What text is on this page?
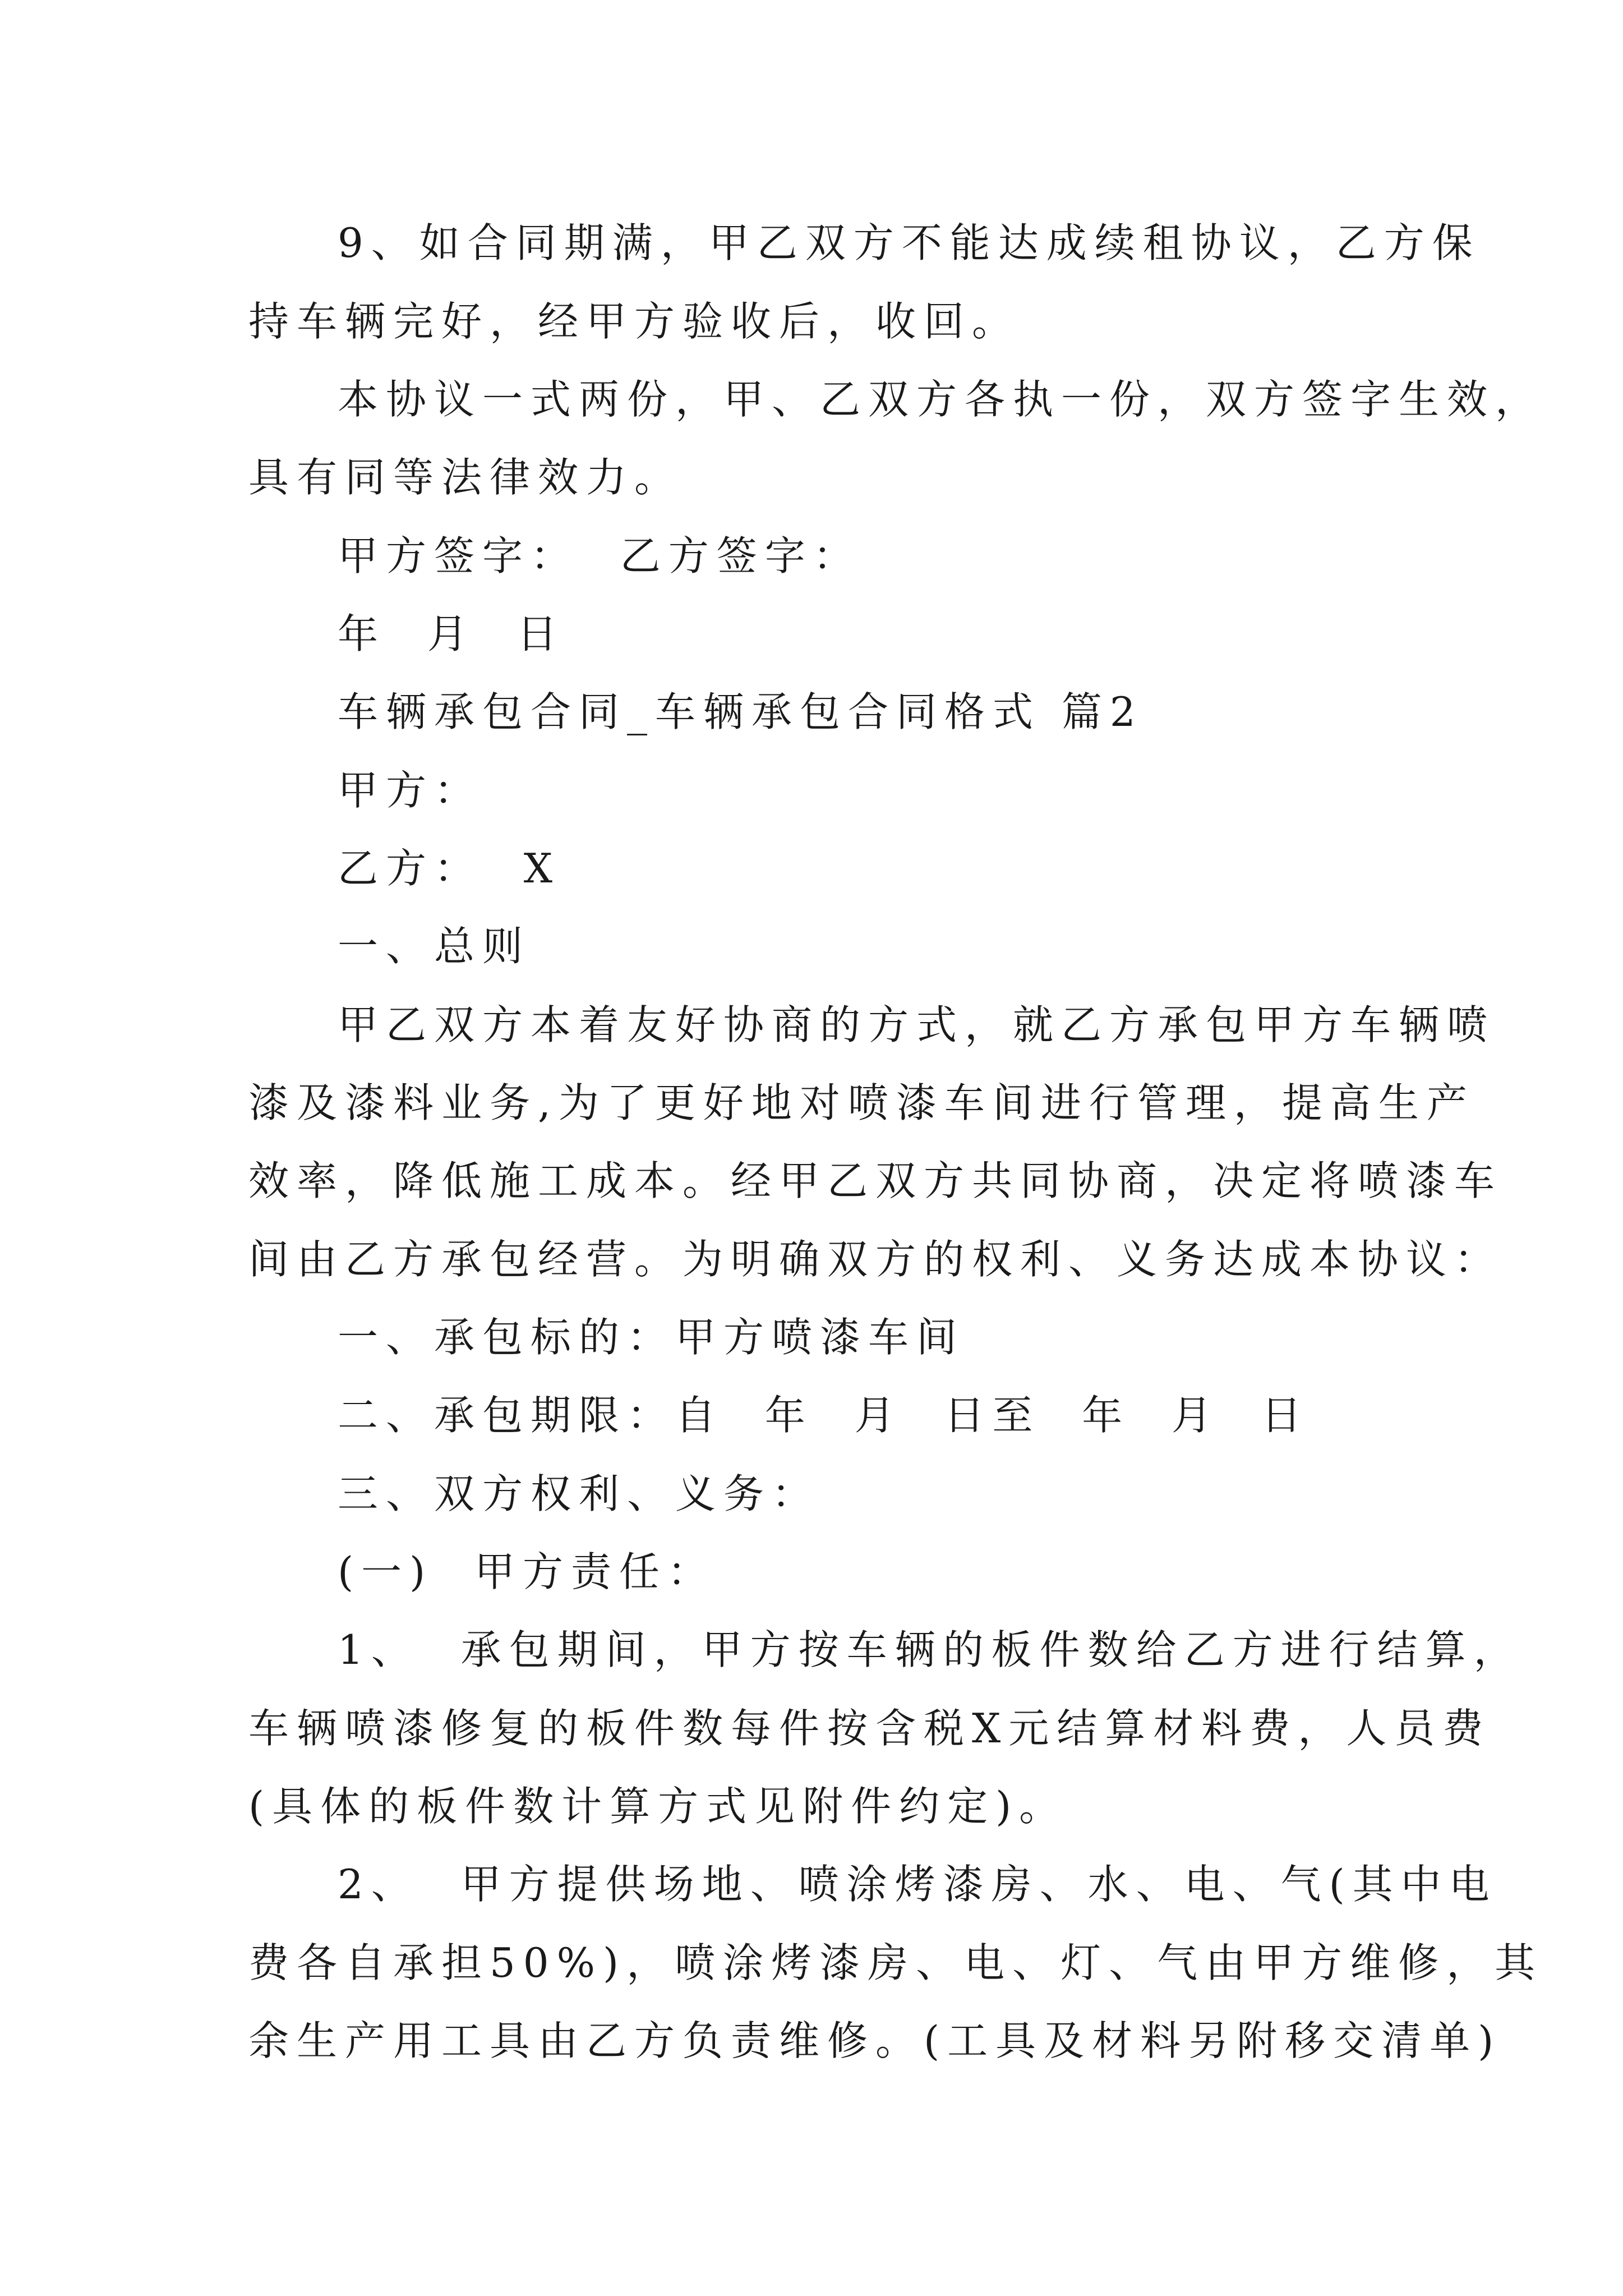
9、如合同期满，甲乙双方不能达成续租协议，乙方保
持车辆完好，经甲方验收后，收回。
本协议一式两份，甲、乙双方各执一份，双方签字生效，
具有同等法律效力。
甲方签字：  乙方签字：
年  月  日
车辆承包合同_车辆承包合同格式 篇2
甲方：
乙方：  X
一、总则
甲乙双方本着友好协商的方式，就乙方承包甲方车辆喷
漆及漆料业务,为了更好地对喷漆车间进行管理，提高生产
效率，降低施工成本。经甲乙双方共同协商，决定将喷漆车
间由乙方承包经营。为明确双方的权利、义务达成本协议：
一、承包标的：甲方喷漆车间
二、承包期限：自  年  月  日至  年  月  日
三、双方权利、义务：
(一)  甲方责任：
1、  承包期间，甲方按车辆的板件数给乙方进行结算，
车辆喷漆修复的板件数每件按含税X元结算材料费，人员费
(具体的板件数计算方式见附件约定)。
2、  甲方提供场地、喷涂烤漆房、水、电、气(其中电
费各自承担50%)，喷涂烤漆房、电、灯、气由甲方维修，其
余生产用工具由乙方负责维修。(工具及材料另附移交清单)
